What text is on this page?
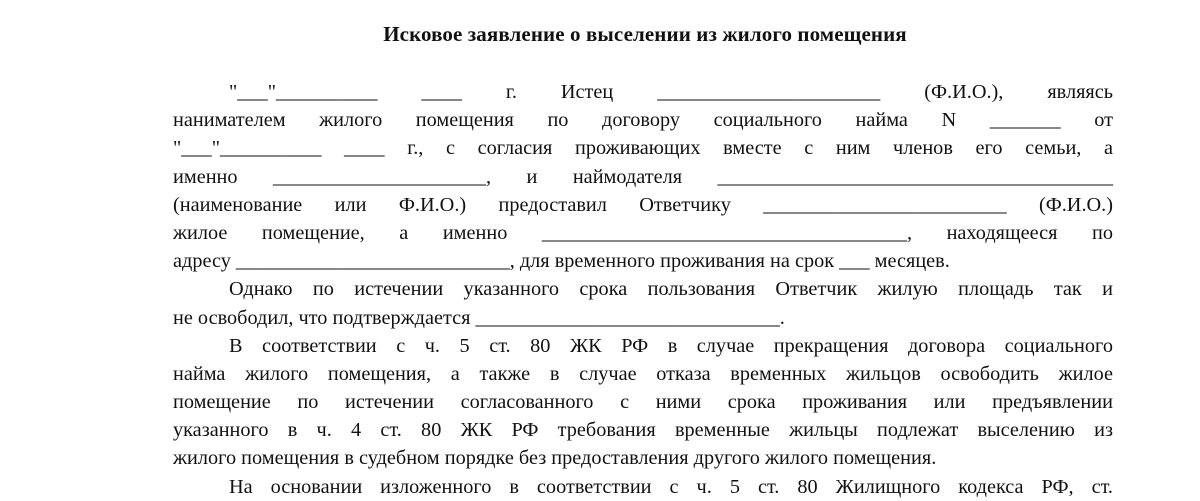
Исковое заявление о выселении из жилого помещения
"___"__________ ____ г. Истец ______________________ (Ф.И.О.), являясь
нанимателем жилого помещения по договору социального найма N _______ от
"___"__________ ____ г., с согласия проживающих вместе с ним членов его семьи, а
именно _____________________, и наймодателя _______________________________________
(наименование или Ф.И.О.) предоставил Ответчику ________________________ (Ф.И.О.)
жилое помещение, а именно ____________________________________, находящееся по
адресу ___________________________, для временного проживания на срок ___ месяцев.
Однако по истечении указанного срока пользования Ответчик жилую площадь так и
не освободил, что подтверждается ______________________________.
В соответствии с ч. 5 ст. 80 ЖК РФ в случае прекращения договора социального
найма жилого помещения, а также в случае отказа временных жильцов освободить жилое
помещение по истечении согласованного с ними срока проживания или предъявлении
указанного в ч. 4 ст. 80 ЖК РФ требования временные жильцы подлежат выселению из
жилого помещения в судебном порядке без предоставления другого жилого помещения.
На основании изложенного в соответствии с ч. 5 ст. 80 Жилищного кодекса РФ, ст.
